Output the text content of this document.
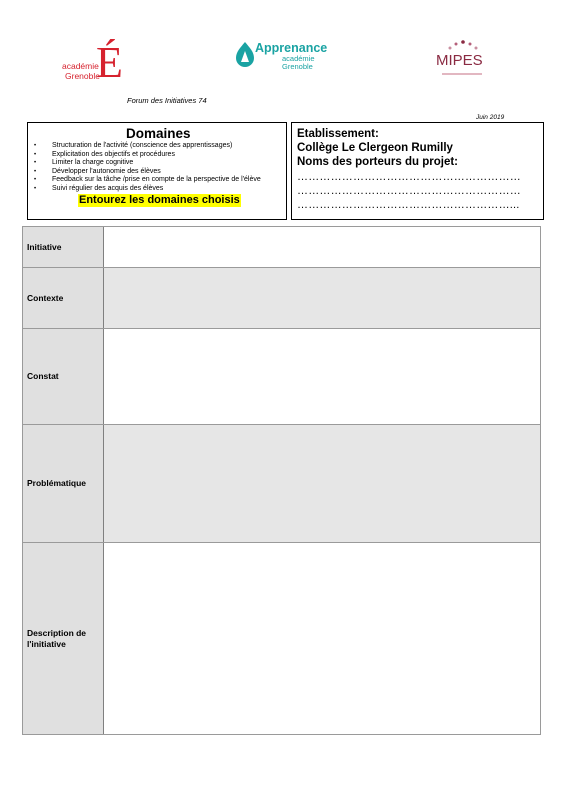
académie
Grenoble
É	Apprenance
académie
Grenoble	MIPES
Forum des Initiatives 74
Juin 2019
Domaines
• Structuration de l'activité (conscience des apprentissages)
• Explicitation des objectifs et procédures
• Limiter la charge cognitive
• Développer l'autonomie des élèves
• Feedback sur la tâche /prise en compte de la perspective de l'élève
• Suivi régulier des acquis des élèves
Entourez les domaines choisis
Etablissement:
Collège Le Clergeon Rumilly
Noms des porteurs du projet:
……………………………………………………
……………………………………………………
…………………………………………………...
Initiative
Contexte
Constat
Problématique
Description de l'initiative
